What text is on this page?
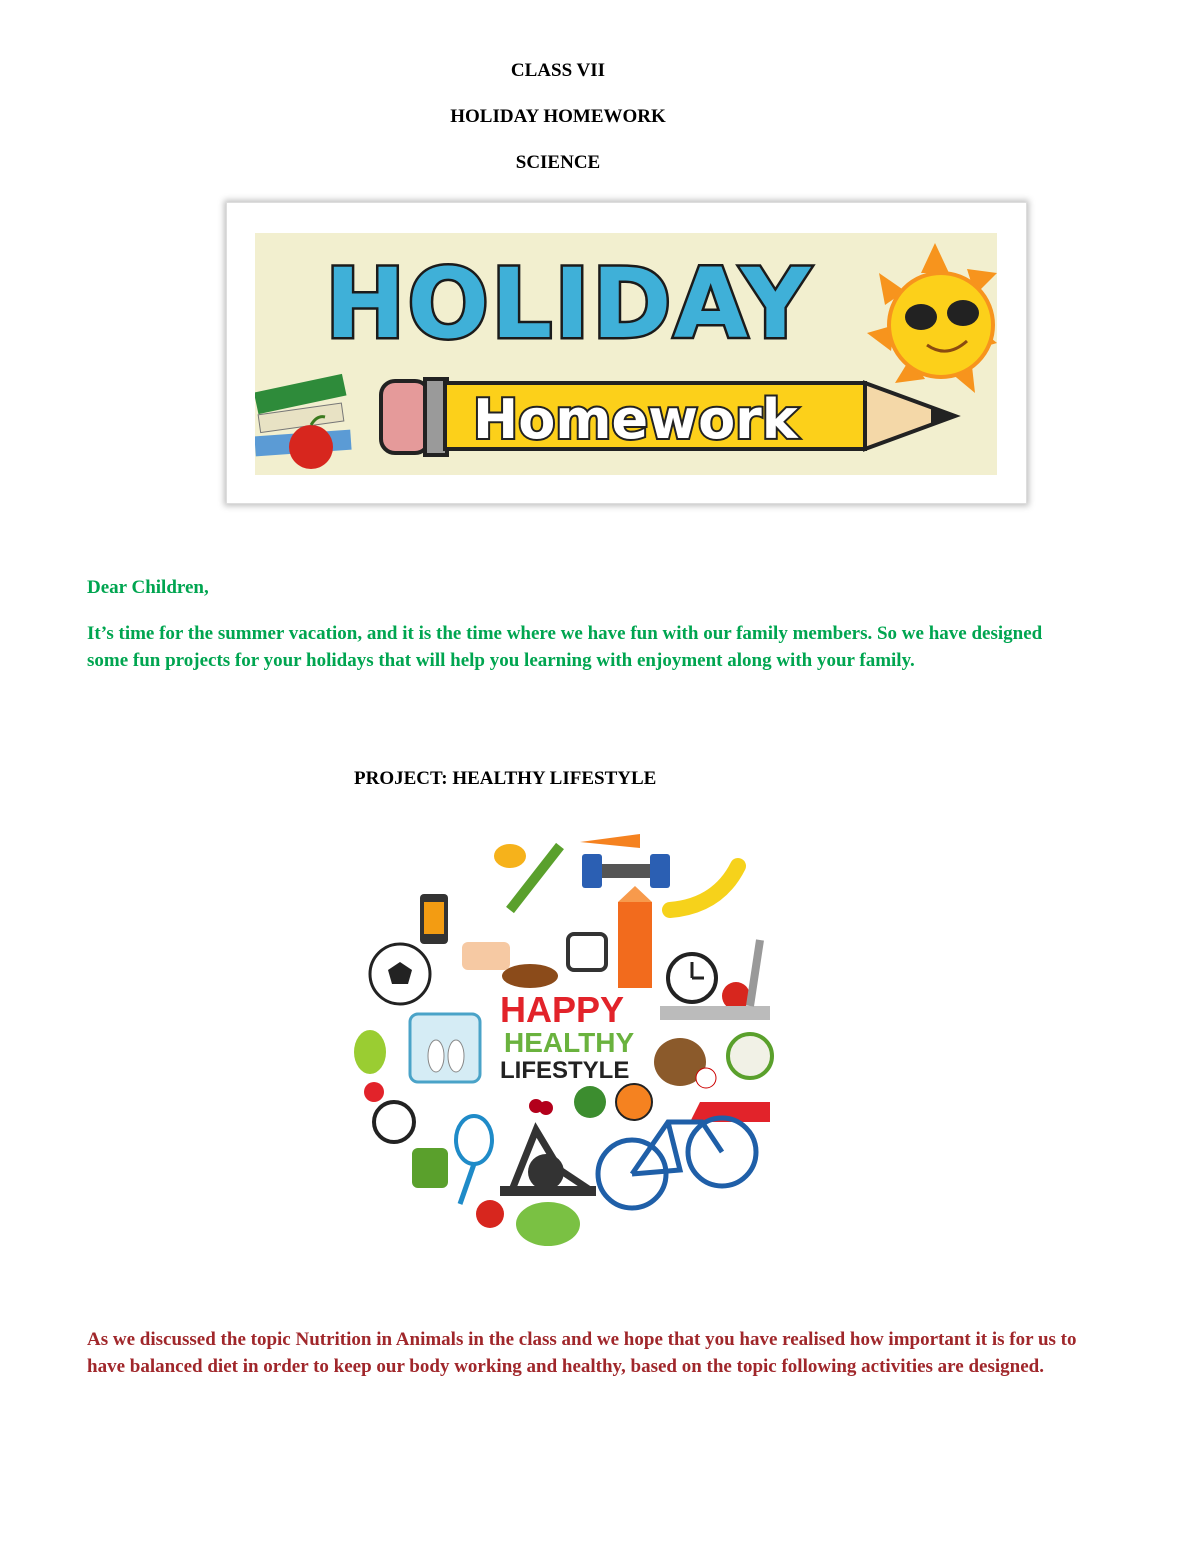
CLASS VII
HOLIDAY HOMEWORK
SCIENCE
HOLIDAY
Homework
Dear Children,
It’s time for the summer vacation, and it is the time where we have fun with our family members. So we have designed some fun projects for your holidays that will help you learning with enjoyment along with your family.
PROJECT: HEALTHY LIFESTYLE
HAPPY
HEALTHY
LIFESTYLE
As we discussed the topic Nutrition in Animals in the class and we hope that you have realised how important it is for us to have balanced diet in order to keep our body working and healthy, based on the topic following activities are designed.
